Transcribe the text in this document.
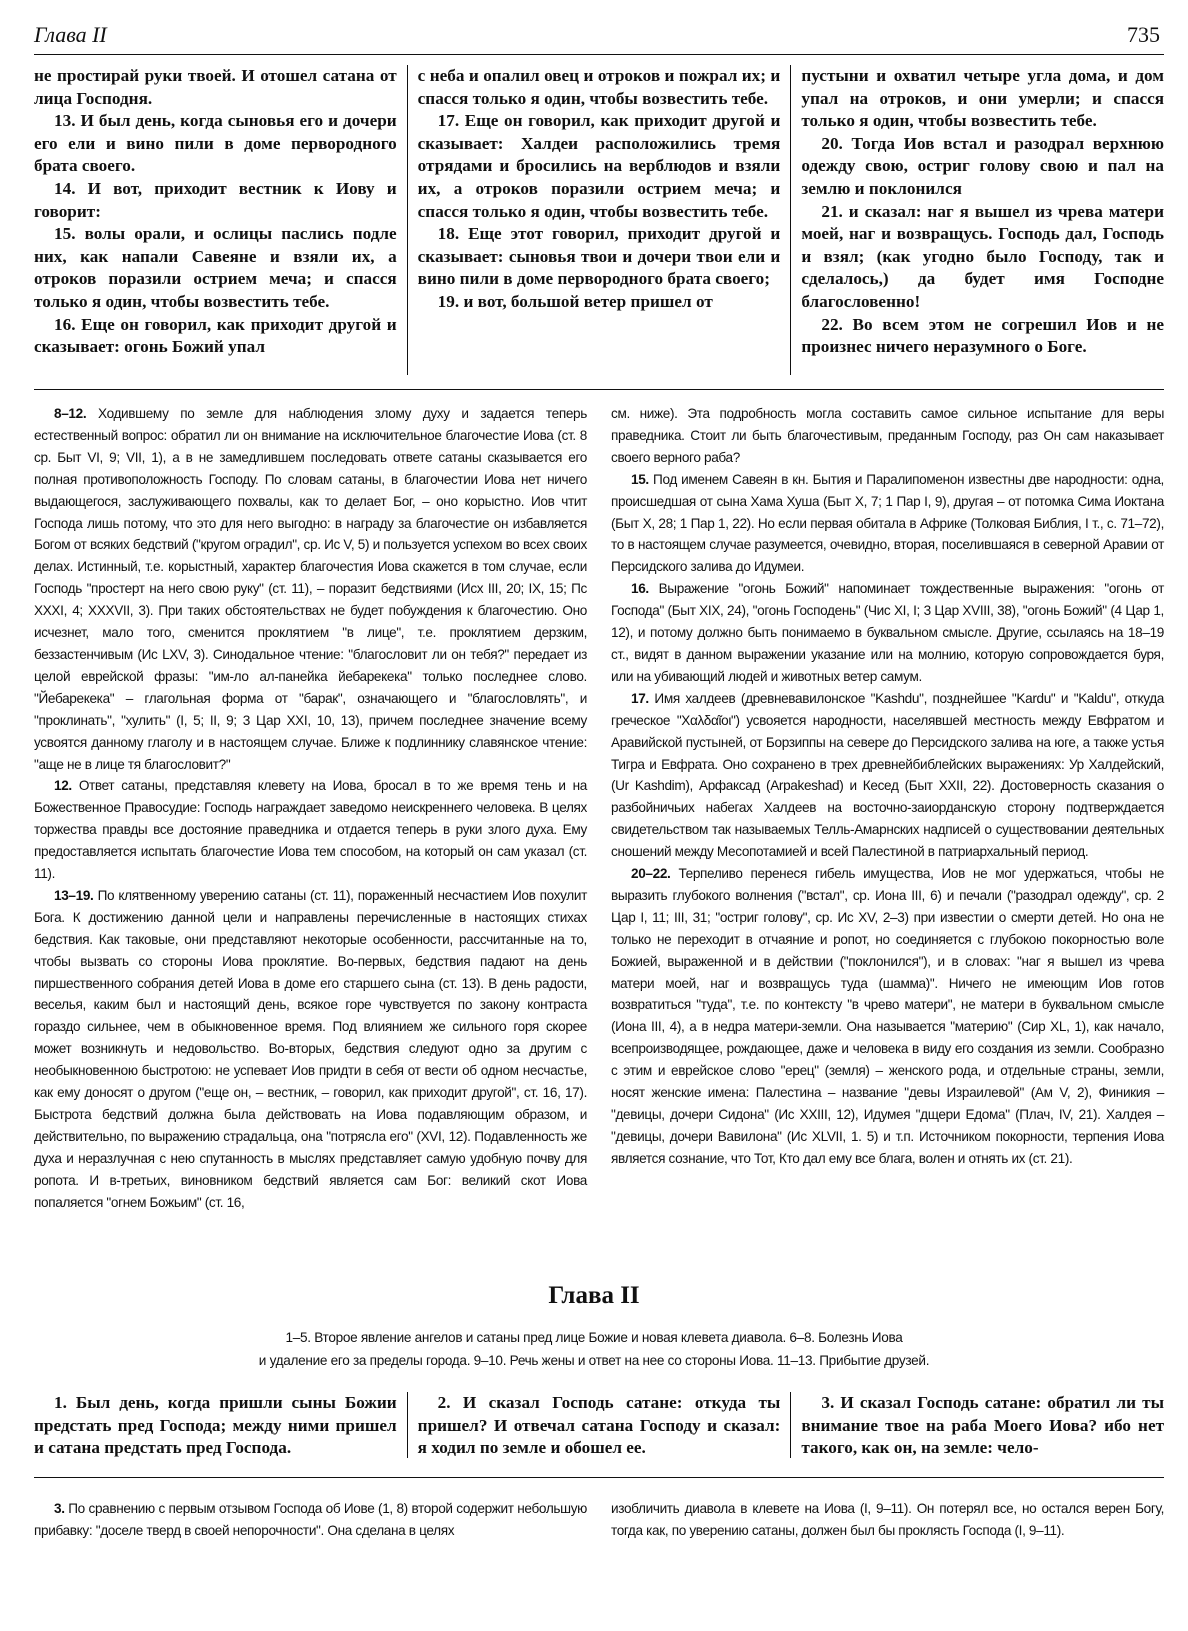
Глава II	735

не простирай руки твоей. И отошел сатана от лица Господня.

13. И был день, когда сыновья его и дочери его ели и вино пили в доме первородного брата своего.

14. И вот, приходит вестник к Иову и говорит:

15. волы орали, и ослицы паслись подле них, как напали Савеяне и взяли их, а отроков поразили острием меча; и спасся только я один, чтобы возвестить тебе.

16. Еще он говорил, как приходит другой и сказывает: огонь Божий упал

с неба и опалил овец и отроков и пожрал их; и спасся только я один, чтобы возвестить тебе.

17. Еще он говорил, как приходит другой и сказывает: Халдеи расположились тремя отрядами и бросились на верблюдов и взяли их, а отроков поразили острием меча; и спасся только я один, чтобы возвестить тебе.

18. Еще этот говорил, приходит другой и сказывает: сыновья твои и дочери твои ели и вино пили в доме первородного брата своего;

19. и вот, большой ветер пришел от

пустыни и охватил четыре угла дома, и дом упал на отроков, и они умерли; и спасся только я один, чтобы возвестить тебе.

20. Тогда Иов встал и разодрал верхнюю одежду свою, остриг голову свою и пал на землю и поклонился

21. и сказал: наг я вышел из чрева матери моей, наг и возвращусь. Господь дал, Господь и взял; (как угодно было Господу, так и сделалось,) да будет имя Господне благословенно!

22. Во всем этом не согрешил Иов и не произнес ничего неразумного о Боге.

8–12. Ходившему по земле для наблюдения злому духу и задается теперь естественный вопрос: обратил ли он внимание на исключительное благочестие Иова (ст. 8 ср. Быт VI, 9; VII, 1), а в не замедлившем последовать ответе сатаны сказывается его полная противоположность Господу. По словам сатаны, в благочестии Иова нет ничего выдающегося, заслуживающего похвалы, как то делает Бог, – оно корыстно. Иов чтит Господа лишь потому, что это для него выгодно: в награду за благочестие он избавляется Богом от всяких бедствий ("кругом оградил", ср. Ис V, 5) и пользуется успехом во всех своих делах. Истинный, т.е. корыстный, характер благочестия Иова скажется в том случае, если Господь "простерт на него свою руку" (ст. 11), – поразит бедствиями (Исх III, 20; IX, 15; Пс XXXI, 4; XXXVII, 3). При таких обстоятельствах не будет побуждения к благочестию. Оно исчезнет, мало того, сменится проклятием "в лице", т.е. проклятием дерзким, беззастенчивым (Ис LXV, 3). Синодальное чтение: "благословит ли он тебя?" передает из целой еврейской фразы: "им-ло ал-панейка йебарекека" только последнее слово. "Йебарекека" – глагольная форма от "барак", означающего и "благословлять", и "проклинать", "хулить" (I, 5; II, 9; 3 Цар XXI, 10, 13), причем последнее значение всему усвоятся данному глаголу и в настоящем случае. Ближе к подлиннику славянское чтение: "аще не в лице тя благословит?"

12. Ответ сатаны, представляя клевету на Иова, бросал в то же время тень и на Божественное Правосудие: Господь награждает заведомо неискреннего человека. В целях торжества правды все достояние праведника и отдается теперь в руки злого духа. Ему предоставляется испытать благочестие Иова тем способом, на который он сам указал (ст. 11).

13–19. По клятвенному уверению сатаны (ст. 11), пораженный несчастием Иов похулит Бога. К достижению данной цели и направлены перечисленные в настоящих стихах бедствия. Как таковые, они представляют некоторые особенности, рассчитанные на то, чтобы вызвать со стороны Иова проклятие. Во-первых, бедствия падают на день пиршественного собрания детей Иова в доме его старшего сына (ст. 13). В день радости, веселья, каким был и настоящий день, всякое горе чувствуется по закону контраста гораздо сильнее, чем в обыкновенное время. Под влиянием же сильного горя скорее может возникнуть и недовольство. Во-вторых, бедствия следуют одно за другим с необыкновенною быстротою: не успевает Иов придти в себя от вести об одном несчастье, как ему доносят о другом ("еще он, – вестник, – говорил, как приходит другой", ст. 16, 17). Быстрота бедствий должна была действовать на Иова подавляющим образом, и действительно, по выражению страдальца, она "потрясла его" (XVI, 12). Подавленность же духа и неразлучная с нею спутанность в мыслях представляет самую удобную почву для ропота. И в-третьих, виновником бедствий является сам Бог: великий скот Иова попаляется "огнем Божьим" (ст. 16,

см. ниже). Эта подробность могла составить самое сильное испытание для веры праведника. Стоит ли быть благочестивым, преданным Господу, раз Он сам наказывает своего верного раба?

15. Под именем Савеян в кн. Бытия и Паралипоменон известны две народности: одна, происшедшая от сына Хама Хуша (Быт X, 7; 1 Пар I, 9), другая – от потомка Сима Иоктана (Быт X, 28; 1 Пар 1, 22). Но если первая обитала в Африке (Толковая Библия, I т., с. 71–72), то в настоящем случае разумеется, очевидно, вторая, поселившаяся в северной Аравии от Персидского залива до Идумеи.

16. Выражение "огонь Божий" напоминает тождественные выражения: "огонь от Господа" (Быт XIX, 24), "огонь Господень" (Чис XI, I; 3 Цар XVIII, 38), "огонь Божий" (4 Цар 1, 12), и потому должно быть понимаемо в буквальном смысле. Другие, ссылаясь на 18–19 ст., видят в данном выражении указание или на молнию, которую сопровождается буря, или на убивающий людей и животных ветер самум.

17. Имя халдеев (древневавилонское "Kashdu", позднейшее "Kardu" и "Kaldu", откуда греческое "Χαλδαῖοι") усвояется народности, населявшей местность между Евфратом и Аравийской пустыней, от Борзиппы на севере до Персидского залива на юге, а также устья Тигра и Евфрата. Оно сохранено в трех древнейбиблейских выражениях: Ур Халдейский, (Ur Kashdim), Арфаксад (Arpakeshad) и Кесед (Быт XXII, 22). Достоверность сказания о разбойничьих набегах Халдеев на восточно-заиорданскую сторону подтверждается свидетельством так называемых Телль-Амарнских надписей о существовании деятельных сношений между Месопотамией и всей Палестиной в патриархальный период.

20–22. Терпеливо перенеся гибель имущества, Иов не мог удержаться, чтобы не выразить глубокого волнения ("встал", ср. Иона III, 6) и печали ("разодрал одежду", ср. 2 Цар I, 11; III, 31; "остриг голову", ср. Ис XV, 2–3) при известии о смерти детей. Но она не только не переходит в отчаяние и ропот, но соединяется с глубокою покорностью воле Божией, выраженной и в действии ("поклонился"), и в словах: "наг я вышел из чрева матери моей, наг и возвращусь туда (шамма)". Ничего не имеющим Иов готов возвратиться "туда", т.е. по контексту "в чрево матери", не матери в буквальном смысле (Иона III, 4), а в недра матери-земли. Она называется "материю" (Сир XL, 1), как начало, всепроизводящее, рождающее, даже и человека в виду его создания из земли. Сообразно с этим и еврейское слово "ерец" (земля) – женского рода, и отдельные страны, земли, носят женские имена: Палестина – название "девы Израилевой" (Ам V, 2), Финикия – "девицы, дочери Сидона" (Ис XXIII, 12), Идумея "дщери Едома" (Плач, IV, 21). Халдея – "девицы, дочери Вавилона" (Ис XLVII, 1. 5) и т.п. Источником покорности, терпения Иова является сознание, что Тот, Кто дал ему все блага, волен и отнять их (ст. 21).

Глава II
1–5. Второе явление ангелов и сатаны пред лице Божие и новая клевета диавола. 6–8. Болезнь Иова
и удаление его за пределы города. 9–10. Речь жены и ответ на нее со стороны Иова. 11–13. Прибытие друзей.

1. Был день, когда пришли сыны Божии предстать пред Господа; между ними пришел и сатана предстать пред Господа.

2. И сказал Господь сатане: откуда ты пришел? И отвечал сатана Господу и сказал: я ходил по земле и обошел ее.

3. И сказал Господь сатане: обратил ли ты внимание твое на раба Моего Иова? ибо нет такого, как он, на земле: чело-

3. По сравнению с первым отзывом Господа об Иове (1, 8) второй содержит небольшую прибавку: "доселе тверд в своей непорочности". Она сделана в целях

изобличить диавола в клевете на Иова (I, 9–11). Он потерял все, но остался верен Богу, тогда как, по уверению сатаны, должен был бы проклясть Господа (I, 9–11).
